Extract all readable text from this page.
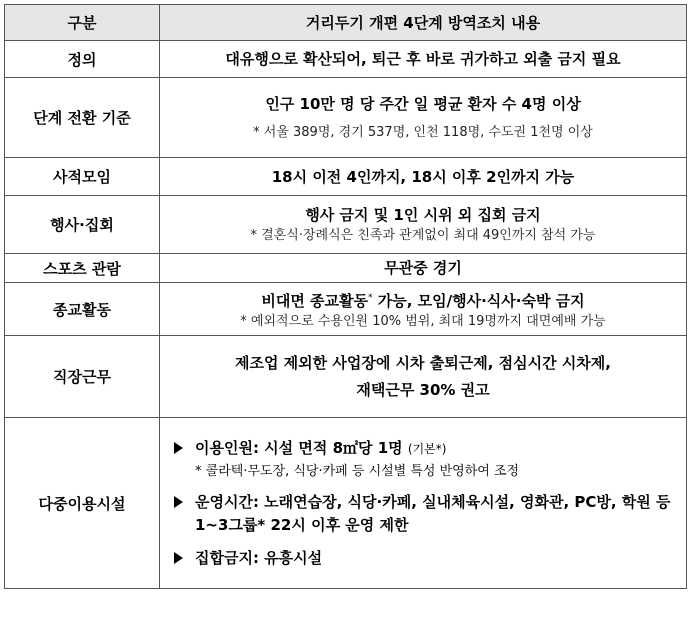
구분	거리두기 개편 4단계 방역조치 내용
정의	대유행으로 확산되어, 퇴근 후 바로 귀가하고 외출 금지 필요
단계 전환 기준	인구 10만 명 당 주간 일 평균 환자 수 4명 이상
* 서울 389명, 경기 537명, 인천 118명, 수도권 1천명 이상

사적모임	18시 이전 4인까지, 18시 이후 2인까지 가능
행사·집회	행사 금지 및 1인 시위 외 집회 금지
* 결혼식·장례식은 친족과 관계없이 최대 49인까지 참석 가능

스포츠 관람	무관중 경기
종교활동	비대면 종교활동* 가능, 모임/행사·식사·숙박 금지
* 예외적으로 수용인원 10% 범위, 최대 19명까지 대면예배 가능

직장근무	제조업 제외한 사업장에 시차 출퇴근제, 점심시간 시차제,
재택근무 30% 권고

다중이용시설	이용인원: 시설 면적 8㎡당 1명 (기본*)
* 콜라텍·무도장, 식당·카페 등 시설별 특성 반영하여 조정
운영시간: 노래연습장, 식당·카페, 실내체육시설, 영화관, PC방, 학원 등 1~3그룹* 22시 이후 운영 제한
집합금지: 유흥시설
